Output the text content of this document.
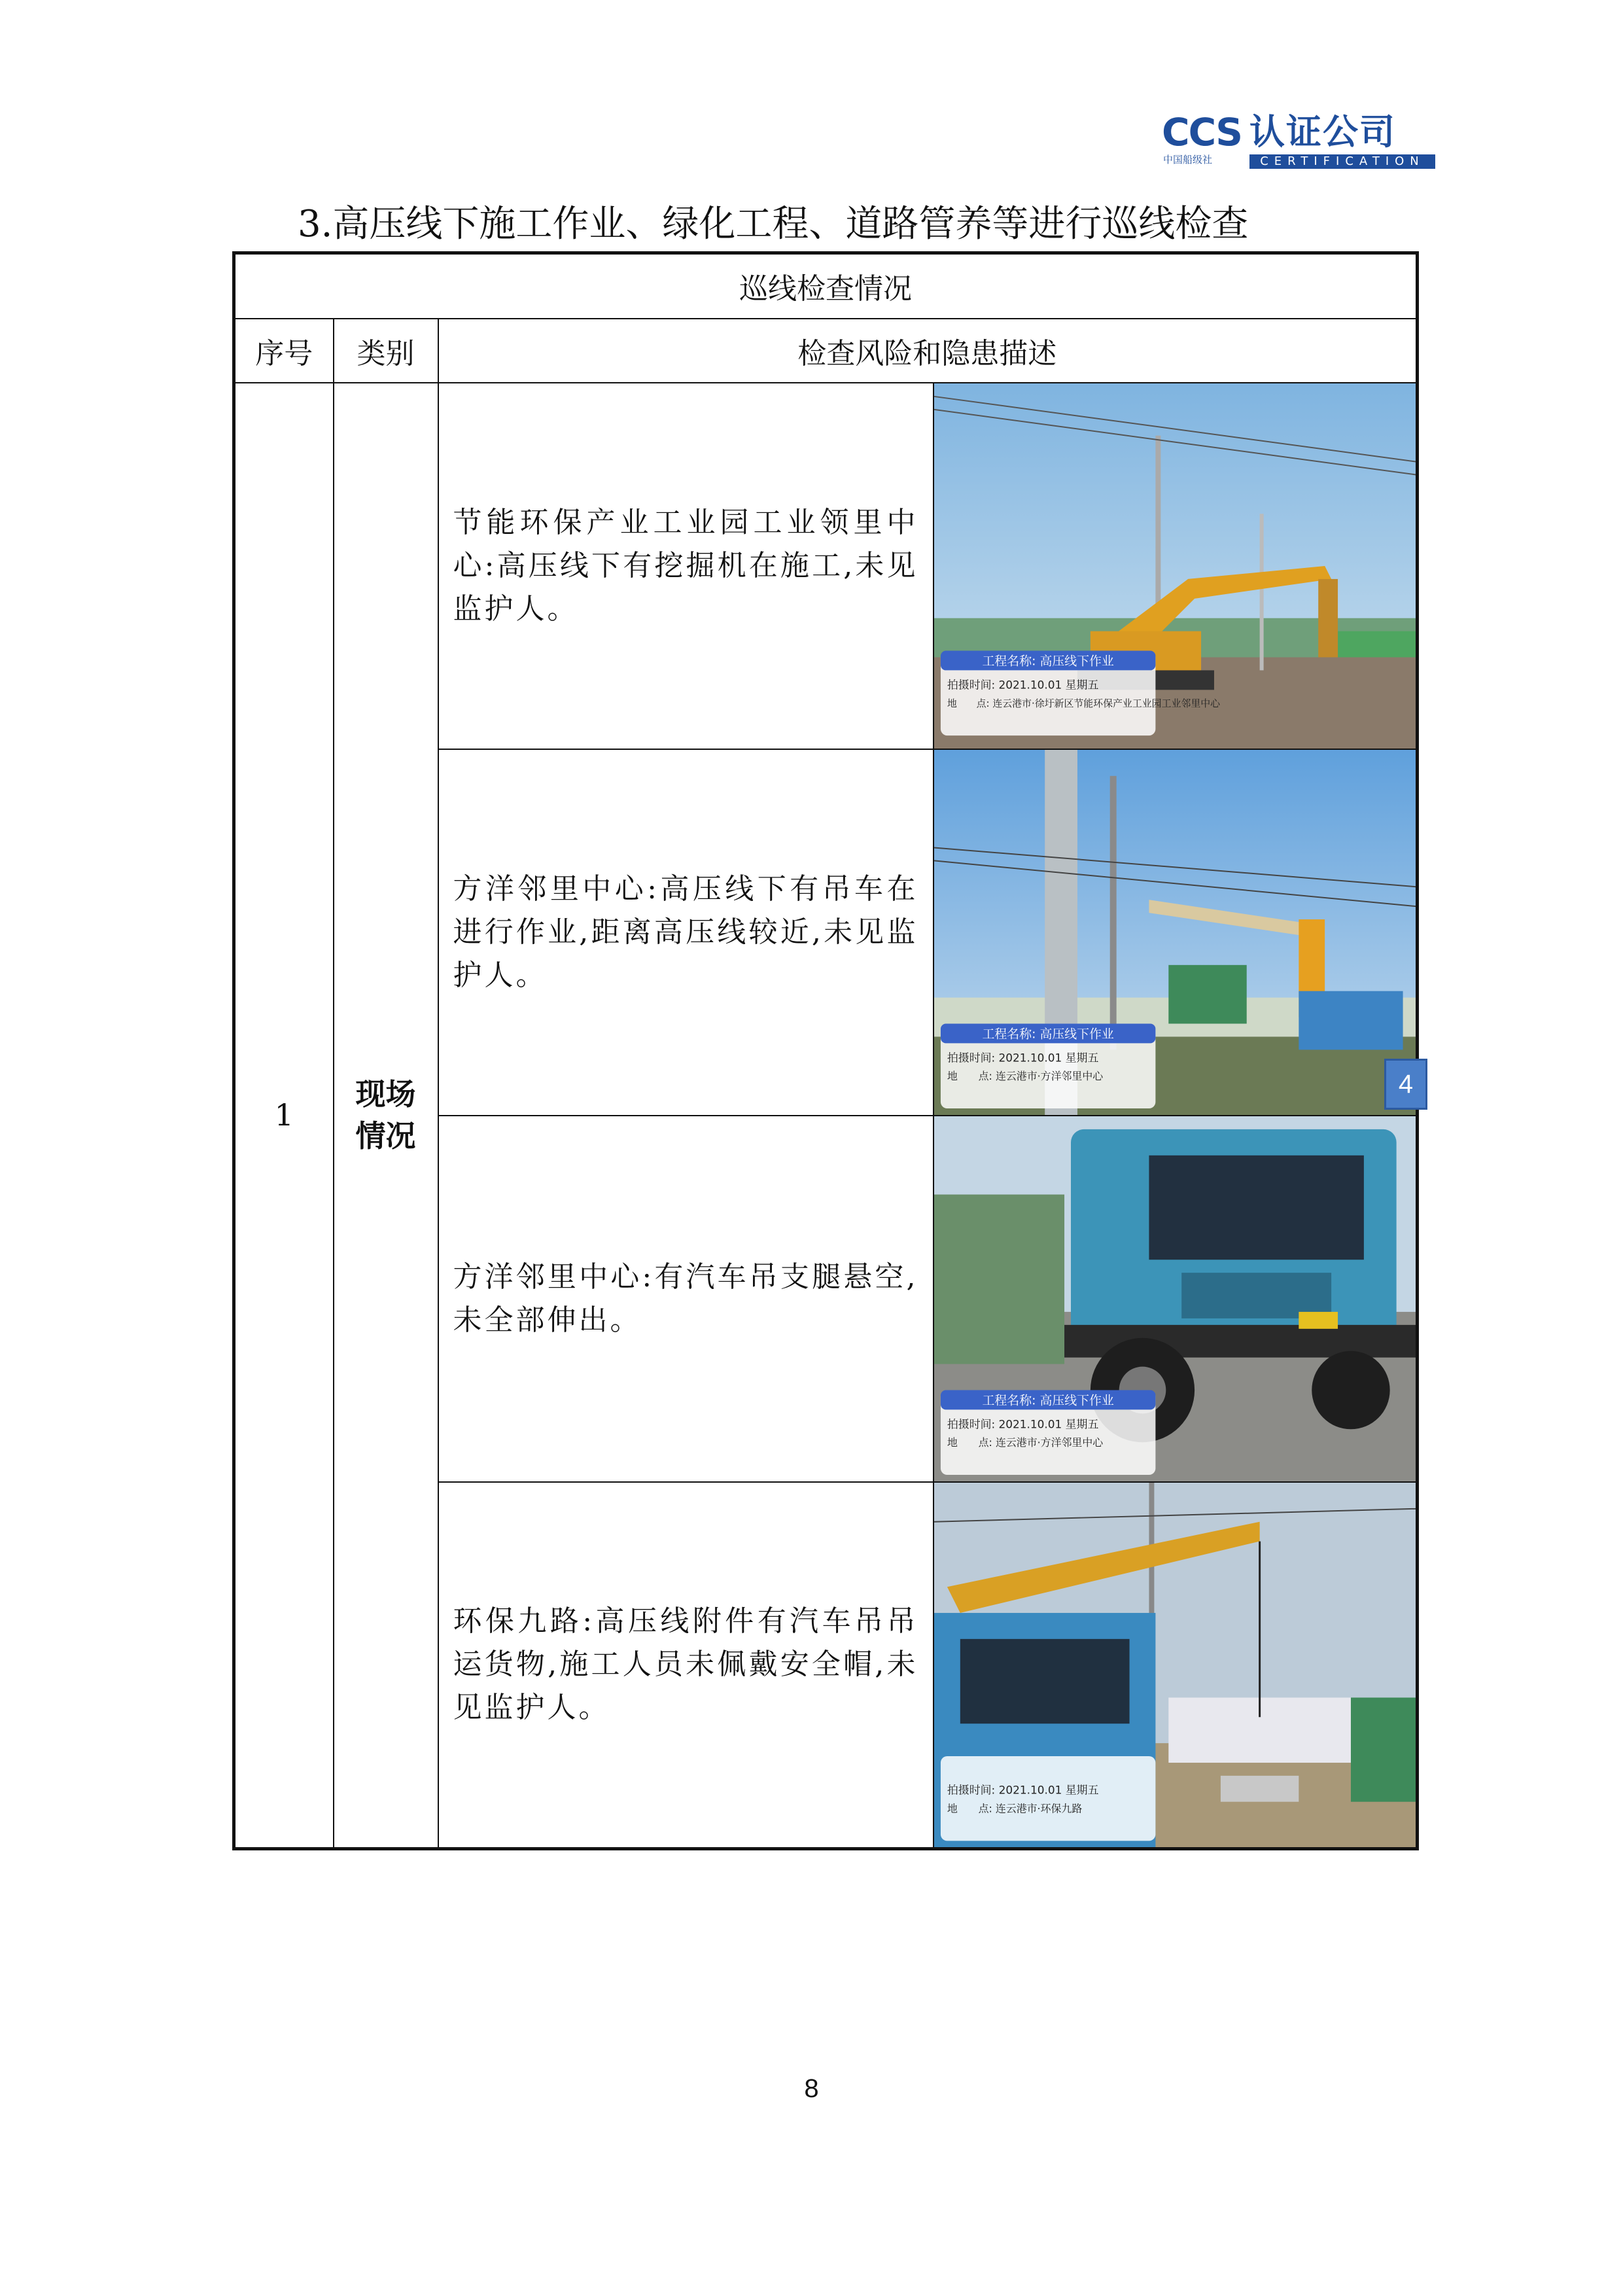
CCS 认证公司
中国船级社	CERTIFICATION
3.高压线下施工作业、绿化工程、道路管养等进行巡线检查
巡线检查情况			
序号	类别	检查风险和隐患描述	
1	现场情况	节能环保产业工业园工业领里中心:高压线下有挖掘机在施工,未见监护人。	工程名称: 高压线下作业
拍摄时间: 2021.10.01 星期五
地　　点: 连云港市·徐圩新区节能环保产业工业园工业邻里中心

		方洋邻里中心:高压线下有吊车在进行作业,距离高压线较近,未见监护人。	工程名称: 高压线下作业
拍摄时间: 2021.10.01 星期五
地　　点: 连云港市·方洋邻里中心

		方洋邻里中心:有汽车吊支腿悬空,未全部伸出。	工程名称: 高压线下作业
拍摄时间: 2021.10.01 星期五
地　　点: 连云港市·方洋邻里中心

		环保九路:高压线附件有汽车吊吊运货物,施工人员未佩戴安全帽,未见监护人。	拍摄时间: 2021.10.01 星期五
地　　点: 连云港市·环保九路
4
8
